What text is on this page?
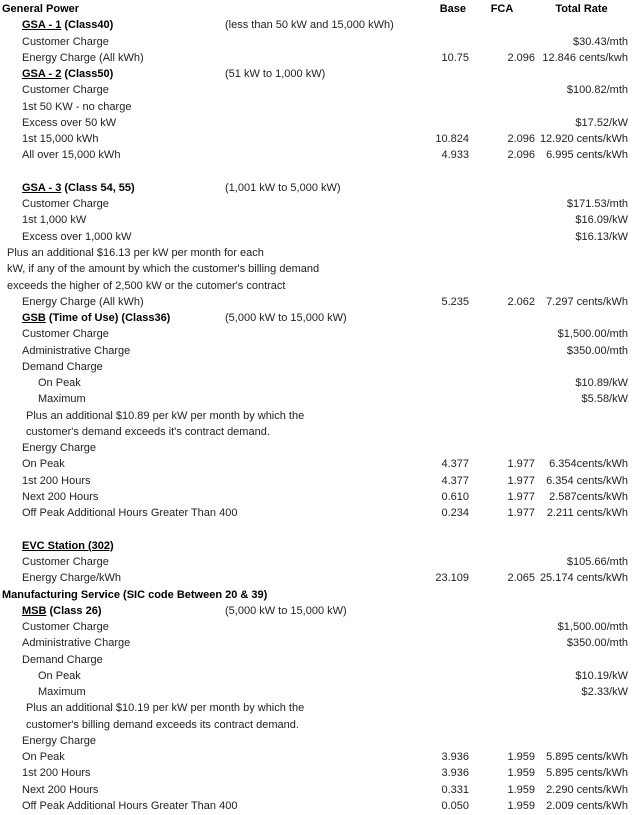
General Power	Base	FCA	Total Rate
GSA - 1 (Class40)	(less than 50 kW and 15,000 kWh)
Customer Charge	$30.43/mth
Energy Charge (All kWh)	10.75	2.096 12.846 cents/kwh
GSA - 2 (Class50)	(51 kW to 1,000 kW)
Customer Charge	$100.82/mth
1st 50 KW - no charge
Excess over 50 kW	$17.52/kW
1st 15,000 kWh	10.824	2.096 12.920 cents/kWh
All over 15,000 kWh	4.933	2.096	6.995 cents/kWh
GSA - 3 (Class 54, 55)	(1,001 kW to 5,000 kW)
Customer Charge	$171.53/mth
1st 1,000 kW	$16.09/kW
Excess over 1,000 kW	$16.13/kW
Plus an additional $16.13 per kW per month for each
kW, if any of the amount by which the customer's billing demand
exceeds the higher of 2,500 kW or the cutomer's contract
Energy Charge (All kWh)	5.235	2.062	7.297 cents/kWh
GSB (Time of Use) (Class36)	(5,000 kW to 15,000 kW)
Customer Charge	$1,500.00/mth
Administrative Charge	$350.00/mth
Demand Charge
On Peak	$10.89/kW
Maximum	$5.58/kW
Plus an additional $10.89 per kW per month by which the
customer's demand exceeds it's contract demand.
Energy Charge
On Peak	4.377	1.977	6.354cents/kWh
1st 200 Hours	4.377	1.977	6.354 cents/kWh
Next 200 Hours	0.610	1.977	2.587cents/kWh
Off Peak Additional Hours Greater Than 400	0.234	1.977	2.211 cents/kWh
EVC Station (302)
Customer Charge	$105.66/mth
Energy Charge/kWh	23.109	2.065 25.174 cents/kWh
Manufacturing Service (SIC code Between 20 & 39)
MSB (Class 26)	(5,000 kW to 15,000 kW)
Customer Charge	$1,500.00/mth
Administrative Charge	$350.00/mth
Demand Charge
On Peak	$10.19/kW
Maximum	$2.33/kW
Plus an additional $10.19 per kW per month by which the
customer's billing demand exceeds its contract demand.
Energy Charge
On Peak	3.936	1.959	5.895 cents/kWh
1st 200 Hours	3.936	1.959	5.895 cents/kWh
Next 200 Hours	0.331	1.959	2.290 cents/kWh
Off Peak Additional Hours Greater Than 400	0.050	1.959	2.009 cents/kWh
